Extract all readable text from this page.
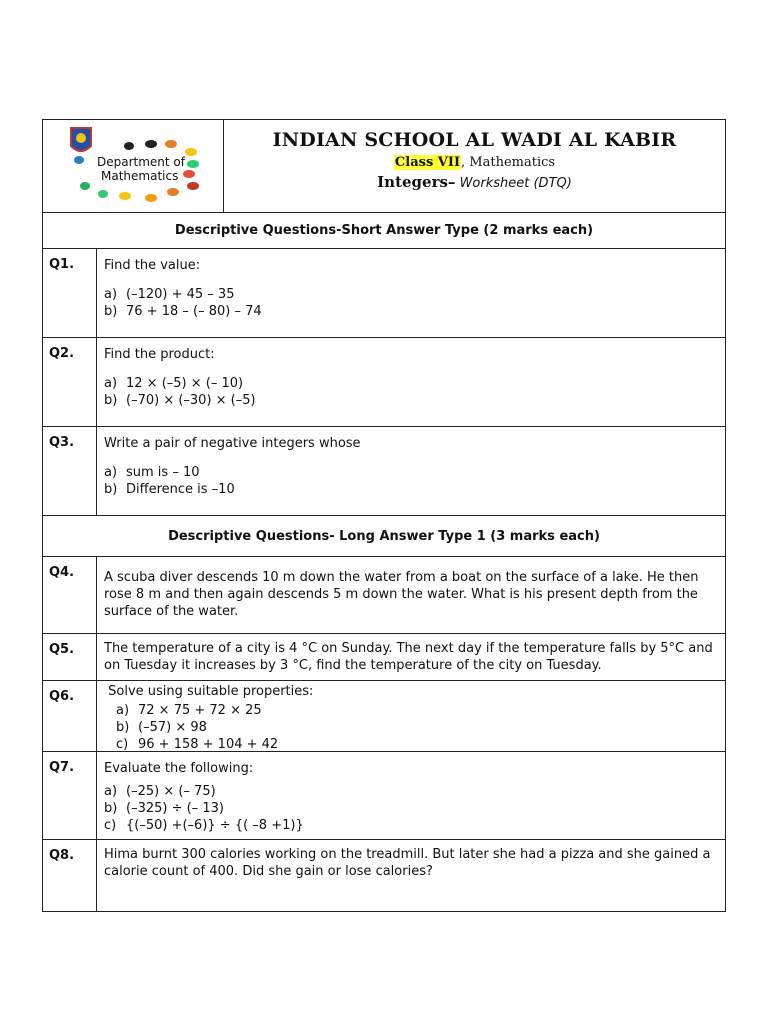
Department of
Mathematics
INDIAN SCHOOL AL WADI AL KABIR
Class VII, Mathematics
Integers– Worksheet (DTQ)
Descriptive Questions-Short Answer Type (2 marks each)
Q1.	Find the value:
a) (–120) + 45 – 35
b) 76 + 18 – (– 80) – 74
Q2.	Find the product:
a) 12 × (–5) × (– 10)
b) (–70) × (–30) × (–5)
Q3.	Write a pair of negative integers whose
a) sum is – 10
b) Difference is –10
Descriptive Questions- Long Answer Type 1 (3 marks each)
Q4.	A scuba diver descends 10 m down the water from a boat on the surface of a lake. He then rose 8 m and then again descends 5 m down the water. What is his present depth from the surface of the water.

Q5.	The temperature of a city is 4 °C on Sunday. The next day if the temperature falls by 5°C and on Tuesday it increases by 3 °C, find the temperature of the city on Tuesday.

Q6.	Solve using suitable properties:
a) 72 × 75 + 72 × 25
b) (–57) × 98
c) 96 + 158 + 104 + 42
Q7.	Evaluate the following:
a) (–25) × (– 75)
b) (–325) ÷ (– 13)
c) {(–50) +(–6)} ÷ {( –8 +1)}
Q8.	Hima burnt 300 calories working on the treadmill. But later she had a pizza and she gained a calorie count of 400. Did she gain or lose calories?
